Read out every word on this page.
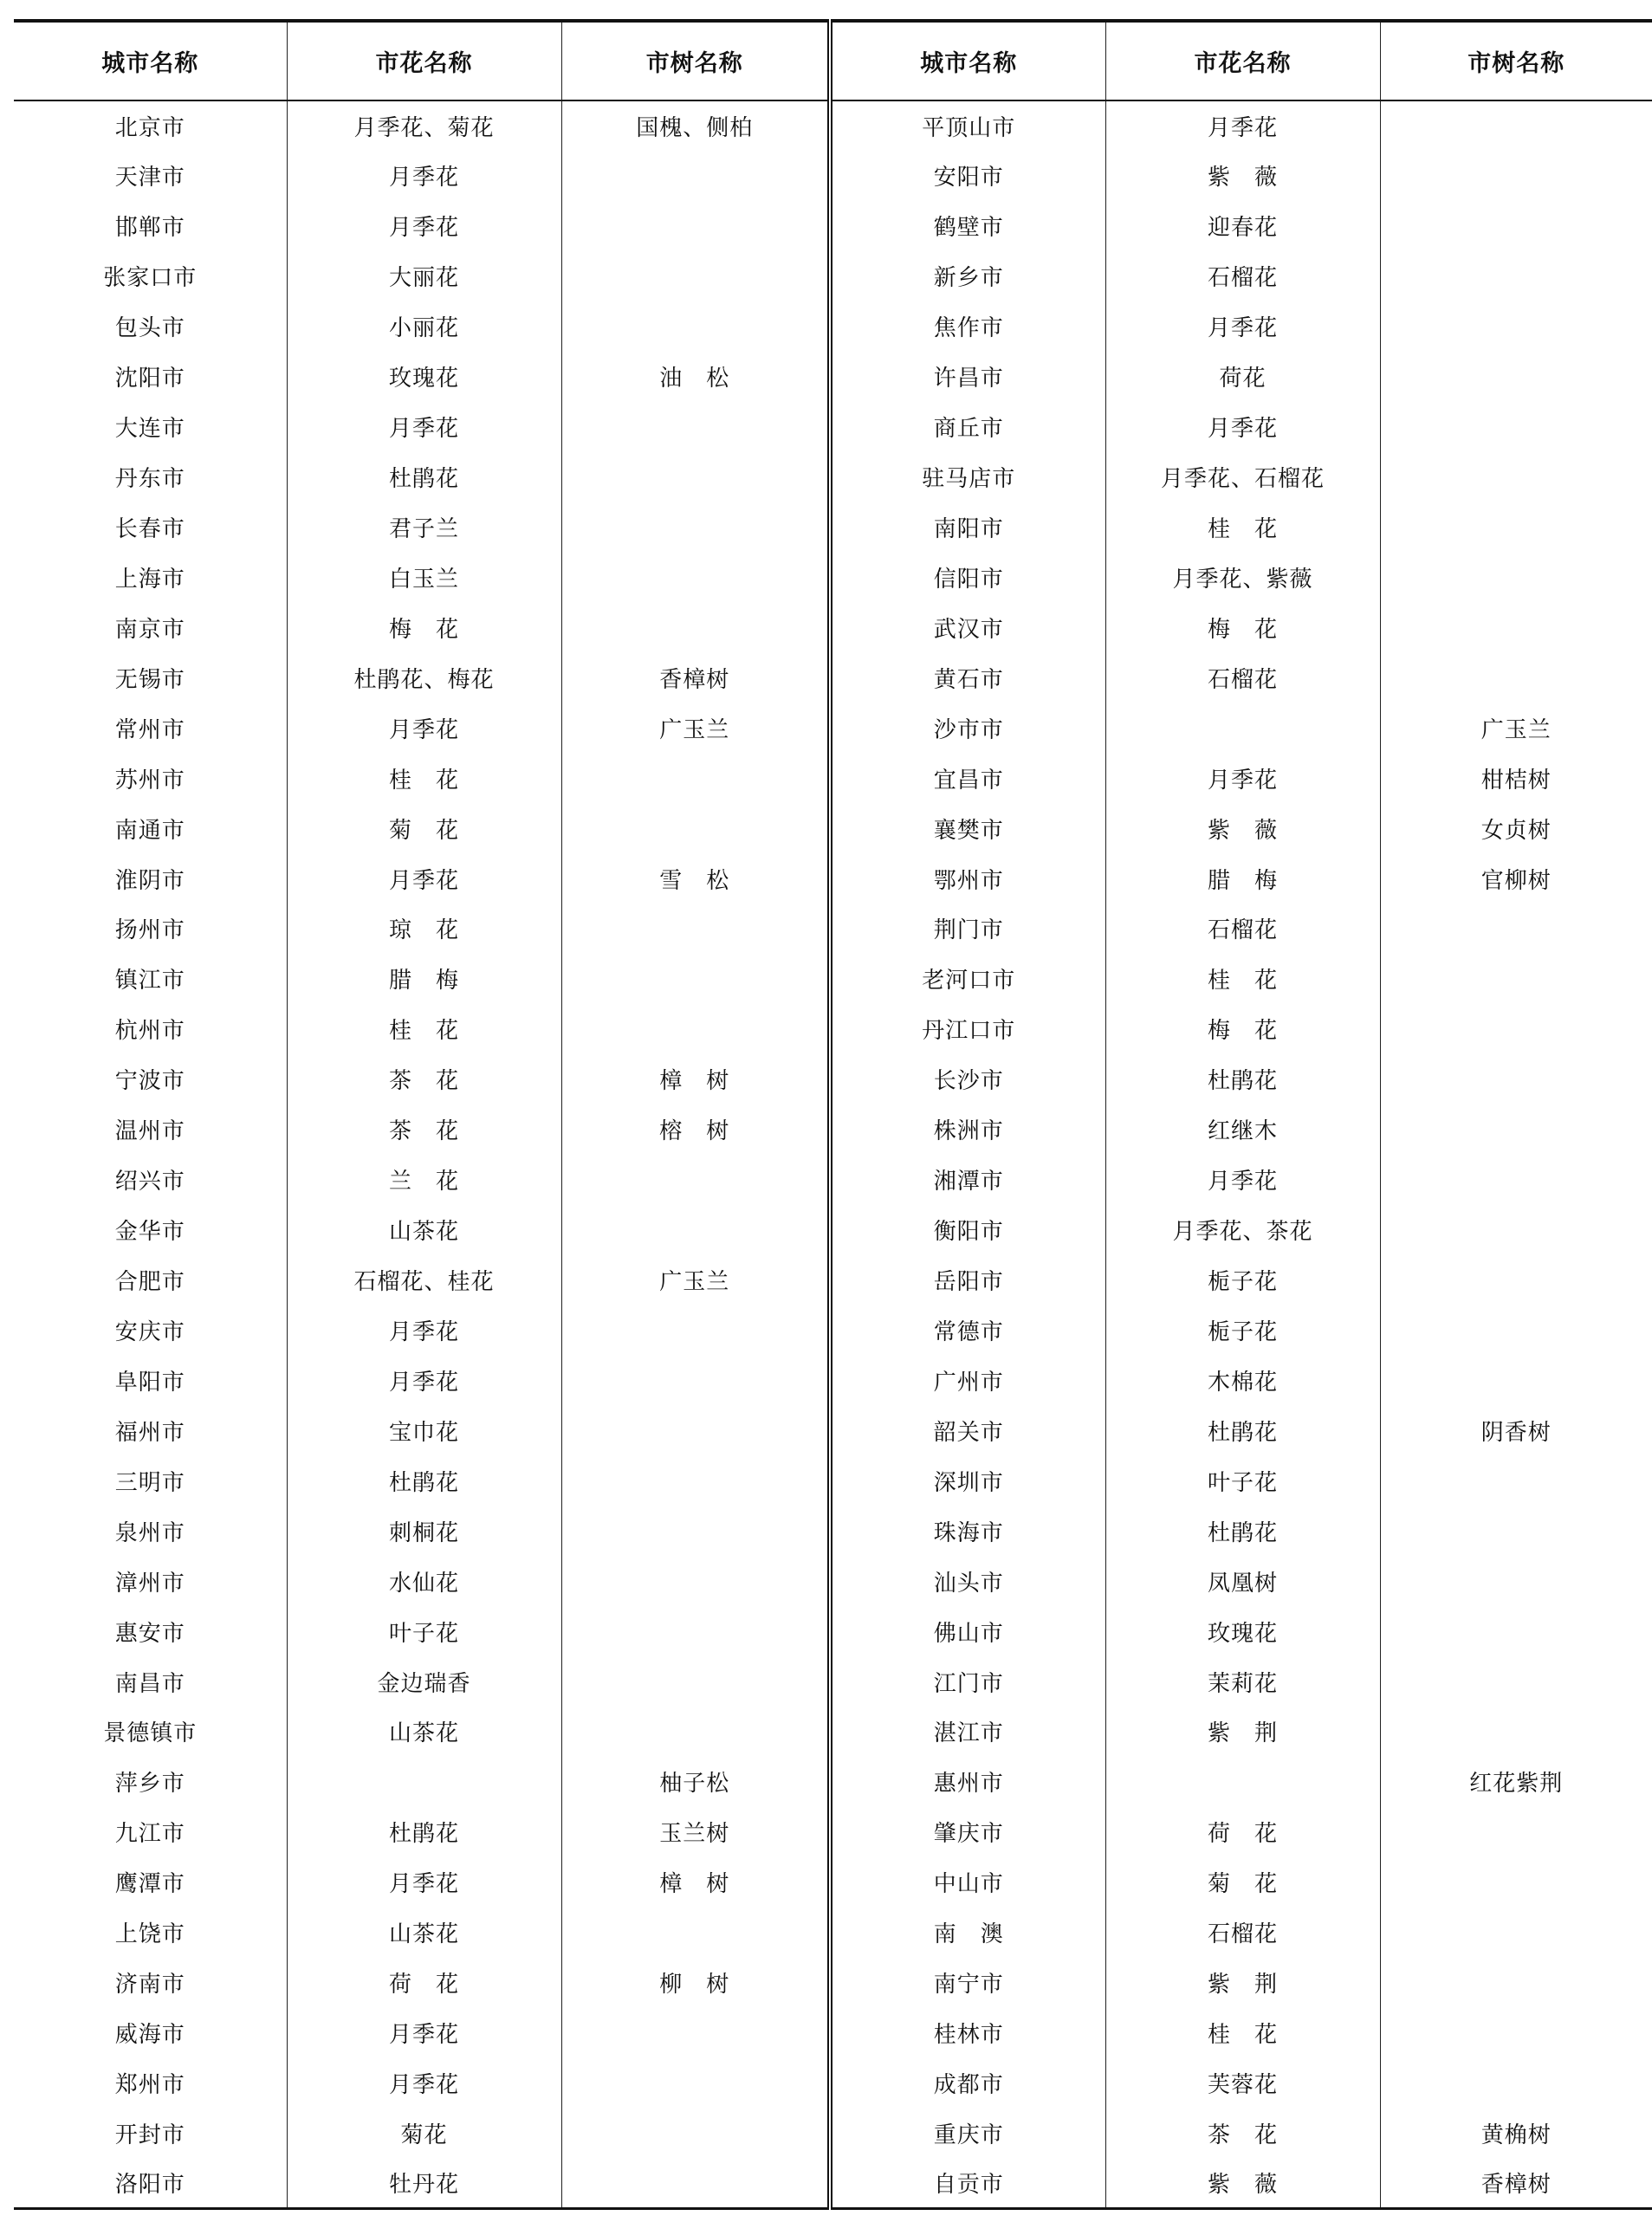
城市名称	市花名称	市树名称	城市名称	市花名称	市树名称
北京市	月季花、菊花	国槐、侧柏	平顶山市	月季花	
天津市	月季花		安阳市	紫　薇	
邯郸市	月季花		鹤壁市	迎春花	
张家口市	大丽花		新乡市	石榴花	
包头市	小丽花		焦作市	月季花	
沈阳市	玫瑰花	油　松	许昌市	荷花	
大连市	月季花		商丘市	月季花	
丹东市	杜鹃花		驻马店市	月季花、石榴花	
长春市	君子兰		南阳市	桂　花	
上海市	白玉兰		信阳市	月季花、紫薇	
南京市	梅　花		武汉市	梅　花	
无锡市	杜鹃花、梅花	香樟树	黄石市	石榴花	
常州市	月季花	广玉兰	沙市市		广玉兰
苏州市	桂　花		宜昌市	月季花	柑桔树
南通市	菊　花		襄樊市	紫　薇	女贞树
淮阴市	月季花	雪　松	鄂州市	腊　梅	官柳树
扬州市	琼　花		荆门市	石榴花	
镇江市	腊　梅		老河口市	桂　花	
杭州市	桂　花		丹江口市	梅　花	
宁波市	茶　花	樟　树	长沙市	杜鹃花	
温州市	茶　花	榕　树	株洲市	红继木	
绍兴市	兰　花		湘潭市	月季花	
金华市	山茶花		衡阳市	月季花、茶花	
合肥市	石榴花、桂花	广玉兰	岳阳市	栀子花	
安庆市	月季花		常德市	栀子花	
阜阳市	月季花		广州市	木棉花	
福州市	宝巾花		韶关市	杜鹃花	阴香树
三明市	杜鹃花		深圳市	叶子花	
泉州市	刺桐花		珠海市	杜鹃花	
漳州市	水仙花		汕头市	凤凰树	
惠安市	叶子花		佛山市	玫瑰花	
南昌市	金边瑞香		江门市	茉莉花	
景德镇市	山茶花		湛江市	紫　荆	
萍乡市		柚子松	惠州市		红花紫荆
九江市	杜鹃花	玉兰树	肇庆市	荷　花	
鹰潭市	月季花	樟　树	中山市	菊　花	
上饶市	山茶花		南　澳	石榴花	
济南市	荷　花	柳　树	南宁市	紫　荆	
威海市	月季花		桂林市	桂　花	
郑州市	月季花		成都市	芙蓉花	
开封市	菊花		重庆市	茶　花	黄桷树
洛阳市	牡丹花		自贡市	紫　薇	香樟树
